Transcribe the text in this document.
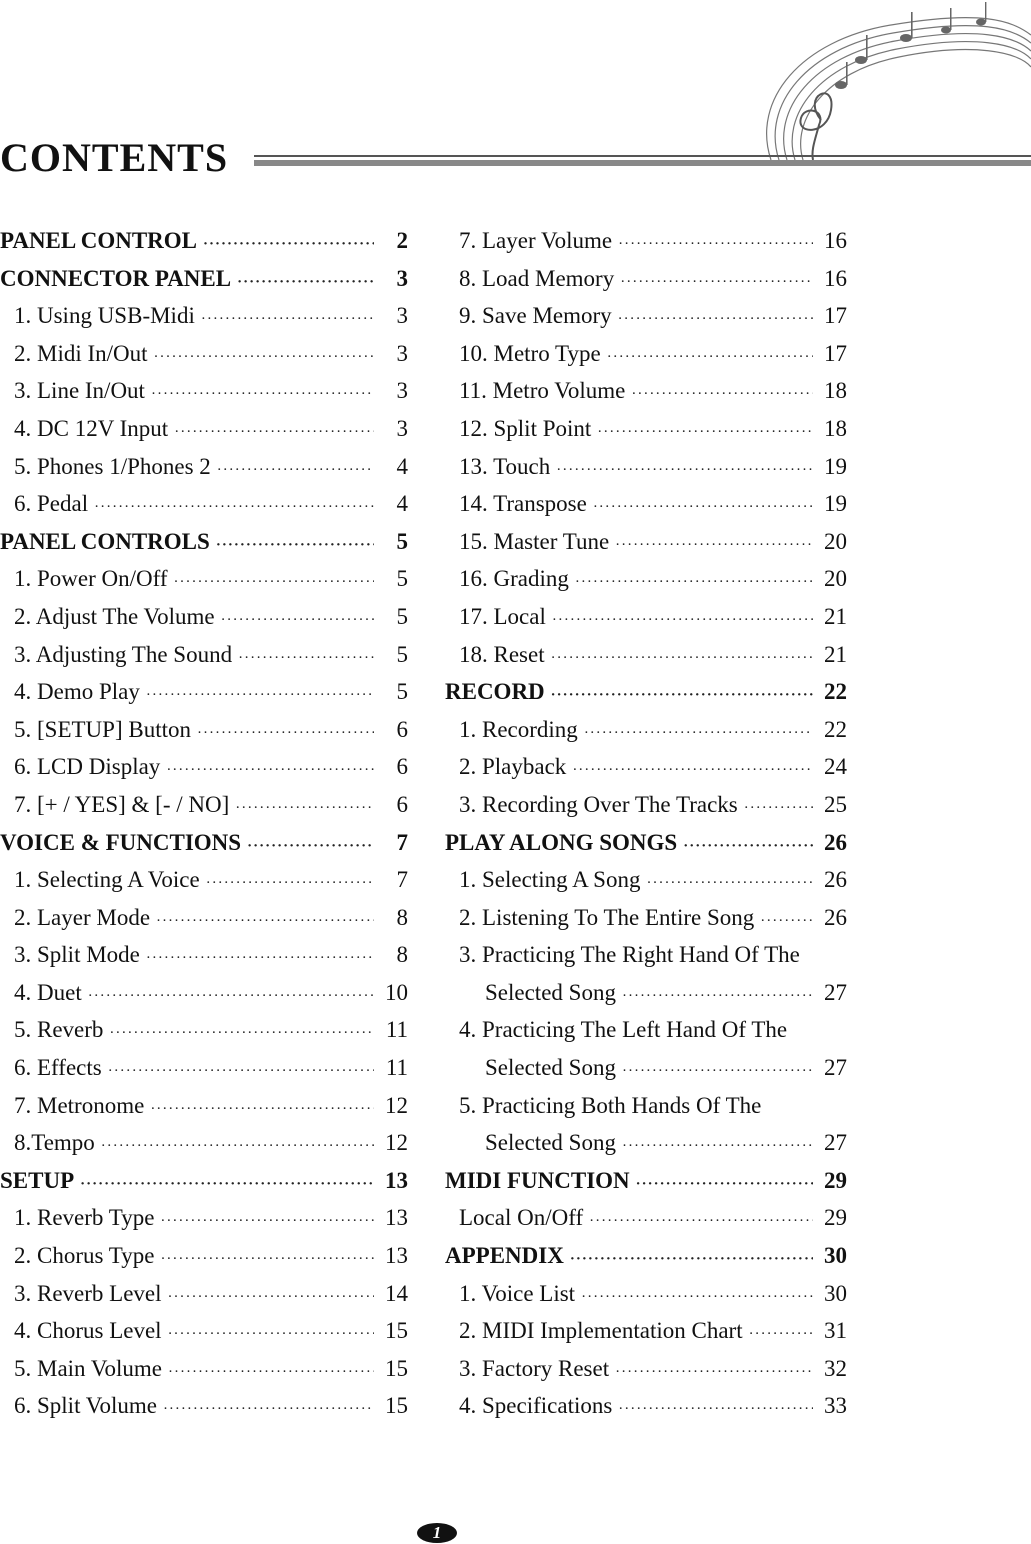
CONTENTS
PANEL CONTROL ·····	2
CONNECTOR PANEL ·····	3
1. Using USB-Midi ·····	3
2. Midi In/Out ·····	3
3. Line In/Out ·····	3
4. DC 12V Input ·····	3
5. Phones 1/Phones 2 ·····	4
6. Pedal ·····	4
PANEL CONTROLS ·····	5
1. Power On/Off ·····	5
2. Adjust The Volume ·····	5
3. Adjusting The Sound ·····	5
4. Demo Play ·····	5
5. [SETUP] Button ·····	6
6. LCD Display ·····	6
7. [+ / YES] & [- / NO] ·····	6
VOICE & FUNCTIONS ·····	7
1. Selecting A Voice ·····	7
2. Layer Mode ·····	8
3. Split Mode ·····	8
4. Duet ·····	10
5. Reverb ·····	11
6. Effects ·····	11
7. Metronome ·····	12
8.Tempo ·····	12
SETUP ·····	13
1. Reverb Type ·····	13
2. Chorus Type ·····	13
3. Reverb Level ·····	14
4. Chorus Level ·····	15
5. Main Volume ·····	15
6. Split Volume ·····	15
7. Layer Volume ·····	16
8. Load Memory ·····	16
9. Save Memory ·····	17
10. Metro Type ·····	17
11. Metro Volume ·····	18
12. Split Point ·····	18
13. Touch ·····	19
14. Transpose ·····	19
15. Master Tune ·····	20
16. Grading ·····	20
17. Local ·····	21
18. Reset ·····	21
RECORD ·····	22
1. Recording ·····	22
2. Playback ·····	24
3. Recording Over The Tracks ·····	25
PLAY ALONG SONGS ·····	26
1. Selecting A Song ·····	26
2. Listening To The Entire Song ·····	26
3. Practicing The Right Hand Of The
Selected Song ·····	27
4. Practicing The Left Hand Of The
Selected Song ·····	27
5. Practicing Both Hands Of The
Selected Song ·····	27
MIDI FUNCTION ·····	29
Local On/Off ·····	29
APPENDIX ·····	30
1. Voice List ·····	30
2. MIDI Implementation Chart ·····	31
3. Factory Reset ·····	32
4. Specifications ·····	33
1
